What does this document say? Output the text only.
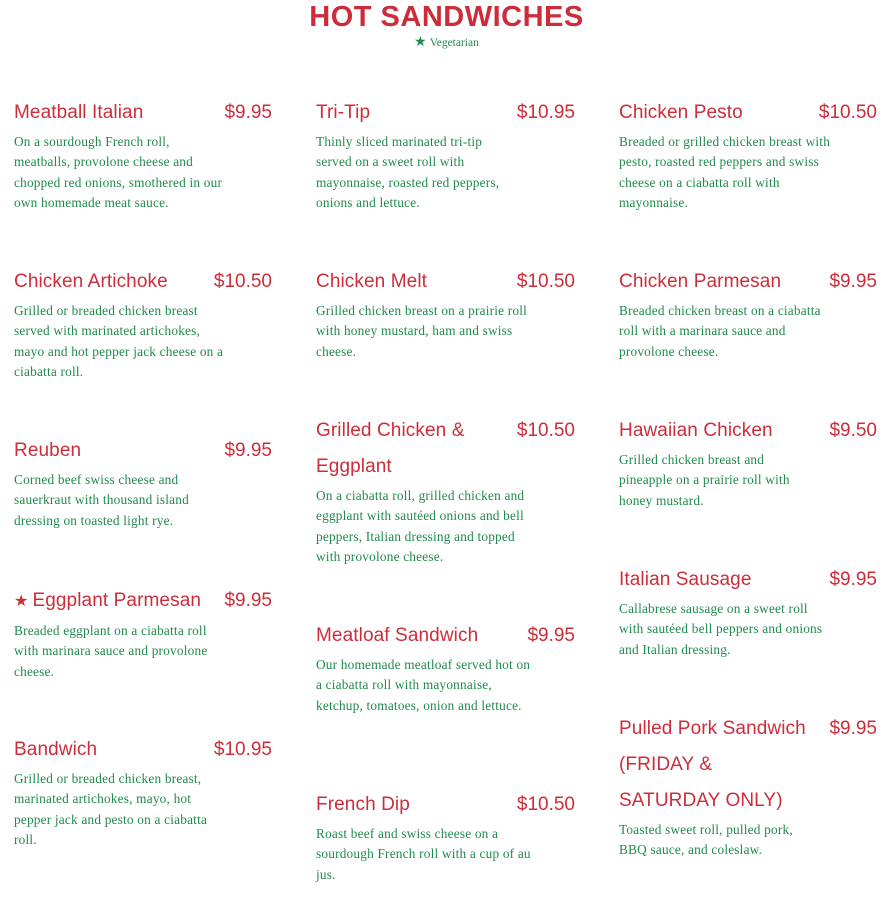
HOT SANDWICHES
★ Vegetarian
Meatball Italian	$9.95
On a sourdough French roll, meatballs, provolone cheese and chopped red onions, smothered in our own homemade meat sauce.
Chicken Artichoke $10.50
Grilled or breaded chicken breast served with marinated artichokes, mayo and hot pepper jack cheese on a ciabatta roll.
Reuben	$9.95
Corned beef swiss cheese and sauerkraut with thousand island dressing on toasted light rye.
★ Eggplant Parmesan $9.95
Breaded eggplant on a ciabatta roll with marinara sauce and provolone cheese.
Bandwich	$10.95
Grilled or breaded chicken breast, marinated artichokes, mayo, hot pepper jack and pesto on a ciabatta roll.
Tri-Tip	$10.95
Thinly sliced marinated tri-tip served on a sweet roll with mayonnaise, roasted red peppers, onions and lettuce.
Chicken Melt	$10.50
Grilled chicken breast on a prairie roll with honey mustard, ham and swiss cheese.
Grilled Chicken & Eggplant
$10.50
On a ciabatta roll, grilled chicken and eggplant with sautéed onions and bell peppers, Italian dressing and topped with provolone cheese.
Meatloaf Sandwich	$9.95
Our homemade meatloaf served hot on a ciabatta roll with mayonnaise, ketchup, tomatoes, onion and lettuce.
French Dip	$10.50
Roast beef and swiss cheese on a sourdough French roll with a cup of au jus.
Chicken Pesto	$10.50
Breaded or grilled chicken breast with pesto, roasted red peppers and swiss cheese on a ciabatta roll with mayonnaise.
Chicken Parmesan	$9.95
Breaded chicken breast on a ciabatta roll with a marinara sauce and provolone cheese.
Hawaiian Chicken	$9.50
Grilled chicken breast and pineapple on a prairie roll with honey mustard.
Italian Sausage	$9.95
Callabrese sausage on a sweet roll with sautéed bell peppers and onions and Italian dressing.
Pulled Pork Sandwich (FRIDAY & SATURDAY ONLY)
$9.95
Toasted sweet roll, pulled pork, BBQ sauce, and coleslaw.
